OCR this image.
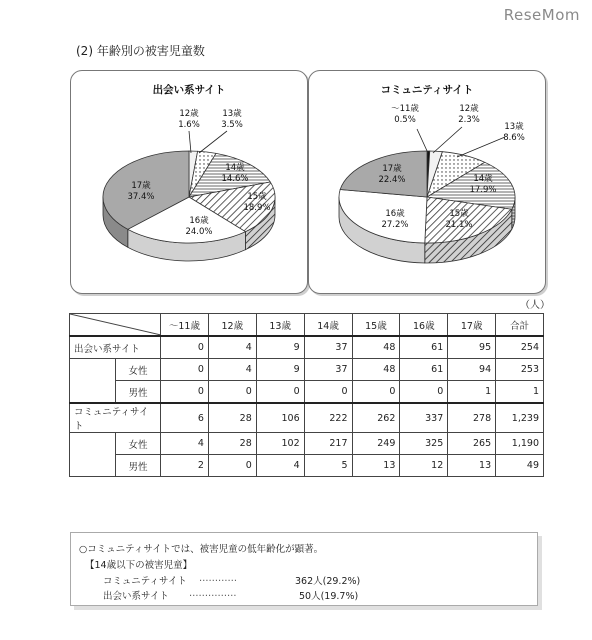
ReseMom
(2) 年齢別の被害児童数
出会い系サイト
12歳
1.6%
13歳
3.5%
14歳
14.6%
15歳
18.9%
16歳
24.0%
17歳
37.4%
コミュニティサイト
～11歳
0.5%
12歳
2.3%
13歳
8.6%
14歳
17.9%
15歳
21.1%
16歳
27.2%
17歳
22.4%
（人）
	～11歳	12歳	13歳	14歳	15歳	16歳	17歳	合計
出会い系サイト		0	4	9	37	48	61	95	254
	女性	0	4	9	37	48	61	94	253
	男性	0	0	0	0	0	0	1	1
コミュニティサイト		6	28	106	222	262	337	278	1,239
	女性	4	28	102	217	249	325	265	1,190
	男性	2	0	4	5	13	12	13	49
○コミュニティサイトでは、被害児童の低年齢化が顕著。
【14歳以下の被害児童】
コミュニティサイト …………	362人(29.2%)
出会い系サイト ……………	50人(19.7%)
